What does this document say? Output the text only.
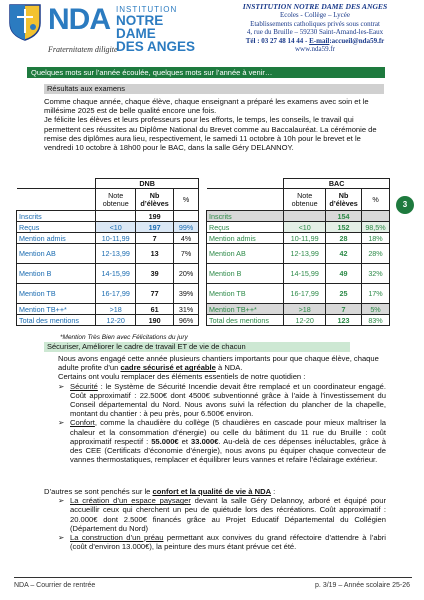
NDA INSTITUTION
NOTRE DAME
DES ANGES
Fraternitatem diligite
INSTITUTION NOTRE DAME DES ANGES
Ecoles - Collège – Lycée
Etablissements catholiques privés sous contrat
4, rue du Bruille – 59230 Saint-Amand-les-Eaux
Tél : 03 27 48 14 44 - E-mail:accueil@nda59.fr
www.nda59.fr
Quelques mots sur l’année écoulée, quelques mots sur l’année à venir…
Résultats aux examens
Comme chaque année, chaque élève, chaque enseignant a préparé les examens avec soin et le millésime 2025 est de belle qualité encore une fois.
Je félicite les élèves et leurs professeurs pour les efforts, le temps, les conseils, le travail qui permettent ces réussites au Diplôme National du Brevet comme au Baccalauréat. La cérémonie de remise des diplômes aura lieu, respectivement, le samedi 11 octobre à 10h pour le brevet et le vendredi 10 octobre à 18h00 pour le BAC, dans la salle Géry DELANNOY.
	DNB		
	Note obtenue	Nb d’élèves	%
Inscrits		199	
Reçus	<10	197	99%
Mention admis	10-11,99	7	4%
Mention AB	12-13,99	13	7%
Mention B	14-15,99	39	20%
Mention TB	16-17,99	77	39%
Mention TB++*	>18	61	31%
Total des mentions	12-20	190	96%
	BAC		
	Note obtenue	Nb d’élèves	%
Inscrits		154	
Reçus	<10	152	98,5%
Mention admis	10-11,99	28	18%
Mention AB	12-13,99	42	28%
Mention B	14-15,99	49	32%
Mention TB	16-17,99	25	17%
Mention TB++*	>18	7	5%
Total des mentions	12-20	123	83%
3
*Mention Très Bien avec Félicitations du jury
Sécuriser, Améliorer le cadre de travail ET de vie de chacun
Nous avons engagé cette année plusieurs chantiers importants pour que chaque élève, chaque adulte profite d’un cadre sécurisé et agréable à NDA.
Certains ont voulu remplacer des éléments essentiels de notre quotidien :
➢ Sécurité : le Système de Sécurité Incendie devait être remplacé et un coordinateur engagé. Coût approximatif : 22.500€ dont 4500€ subventionné grâce à l’aide à l’investissement du Conseil départemental du Nord. Nous avons suivi la réfection du plancher de la chapelle, montant du chantier : à peu près, pour 6.500€ environ.
➢ Confort, comme la chaudière du collège (5 chaudières en cascade pour mieux maîtriser la chaleur et la consommation d’énergie) ou celle du bâtiment du 11 rue du Bruille : coût approximatif respectif : 55.000€ et 33.000€. Au-delà de ces dépenses inéluctables, grâce à des CEE (Certificats d’économie d’énergie), nous avons pu équiper chaque convecteur de vannes thermostatiques, remplacer et équilibrer leurs vannes et refaire l’éclairage extérieur.
D’autres se sont penchés sur le confort et la qualité de vie à NDA :
➢ La création d’un espace paysager devant la salle Géry Delannoy, arboré et équipé pour accueillir ceux qui cherchent un peu de quiétude lors des récréations. Coût approximatif : 20.000€ dont 2.500€ financés grâce au Projet Educatif Départemental du Collégien (Département du Nord)
➢ La construction d’un préau permettant aux convives du grand réfectoire d’attendre à l’abri (coût d’environ 13.000€), la peinture des murs étant prévue cet été.
NDA – Courrier de rentrée	p. 3/19 – Année scolaire 25-26
